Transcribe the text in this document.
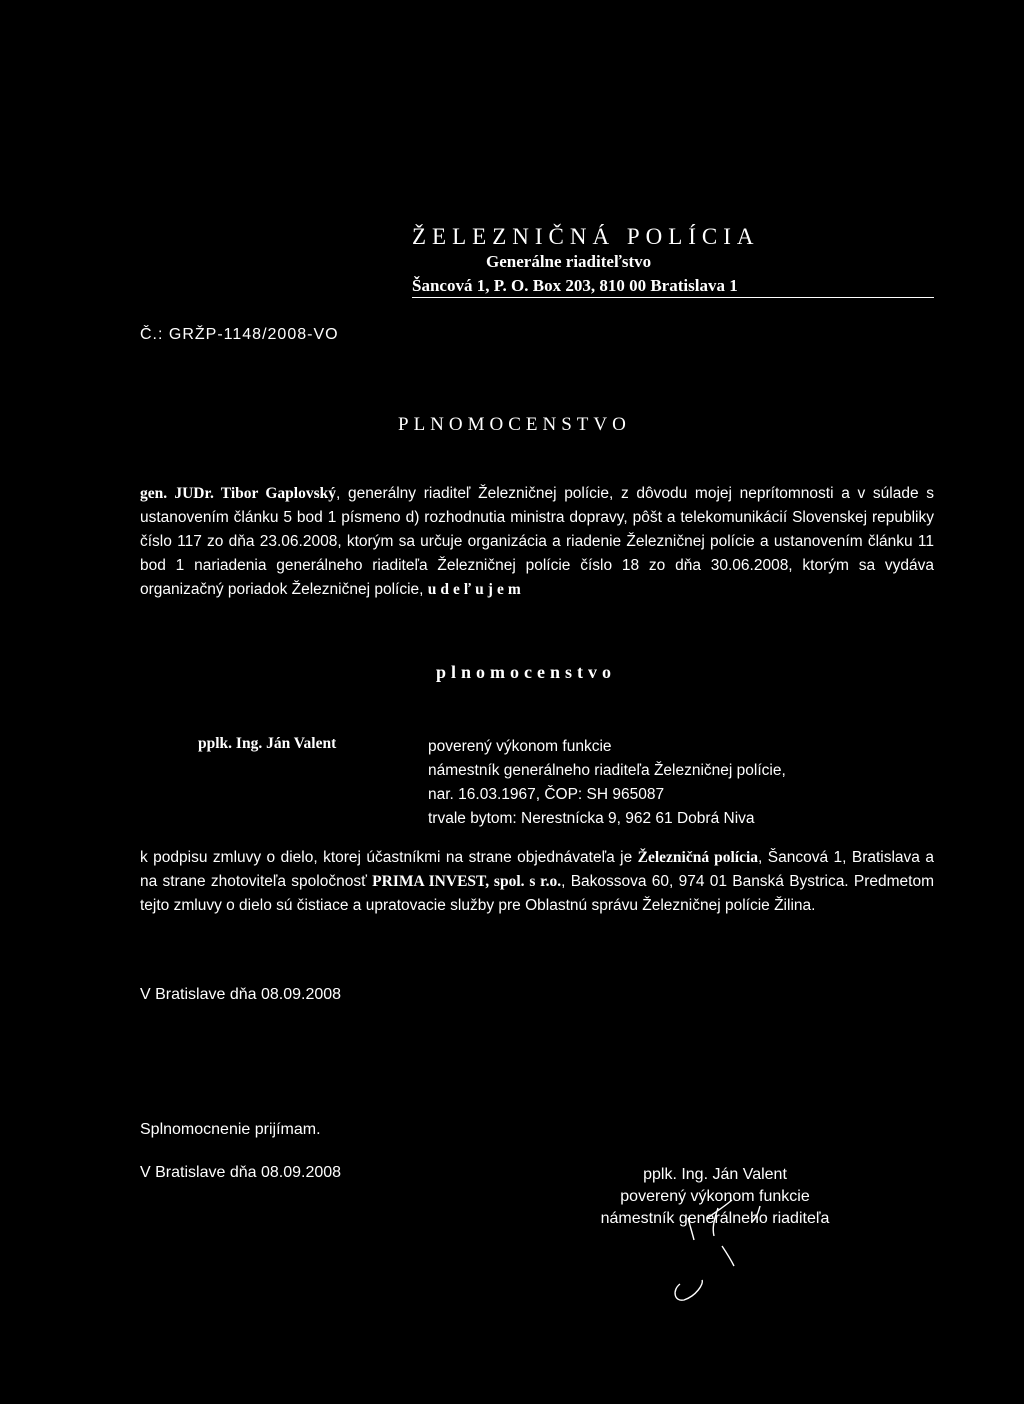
ŽELEZNIČNÁ POLÍCIA
Generálne riaditeľstvo
Šancová 1, P. O. Box 203, 810 00 Bratislava 1
Č.: GRŽP-1148/2008-VO
PLNOMOCENSTVO

gen. JUDr. Tibor Gaplovský, generálny riaditeľ Železničnej polície, z dôvodu mojej neprítomnosti a v súlade s ustanovením článku 5 bod 1 písmeno d) rozhodnutia ministra dopravy, pôšt a telekomunikácií Slovenskej republiky číslo 117 zo dňa 23.06.2008, ktorým sa určuje organizácia a riadenie Železničnej polície a ustanovením článku 11 bod 1 nariadenia generálneho riaditeľa Železničnej polície číslo 18 zo dňa 30.06.2008, ktorým sa vydáva organizačný poriadok Železničnej polície, udeľujem

plnomocenstvo
pplk. Ing. Ján Valent	poverený výkonom funkcie
námestník generálneho riaditeľa Železničnej polície,
nar. 16.03.1967, ČOP: SH 965087
trvale bytom: Nerestnícka 9, 962 61 Dobrá Niva

k podpisu zmluvy o dielo, ktorej účastníkmi na strane objednávateľa je Železničná polícia, Šancová 1, Bratislava a na strane zhotoviteľa spoločnosť PRIMA INVEST, spol. s r.o., Bakossova 60, 974 01 Banská Bystrica. Predmetom tejto zmluvy o dielo sú čistiace a upratovacie služby pre Oblastnú správu Železničnej polície Žilina.

V Bratislave dňa 08.09.2008
Splnomocnenie prijímam.
V Bratislave dňa 08.09.2008	pplk. Ing. Ján Valent
poverený výkonom funkcie
námestník generálneho riaditeľa
